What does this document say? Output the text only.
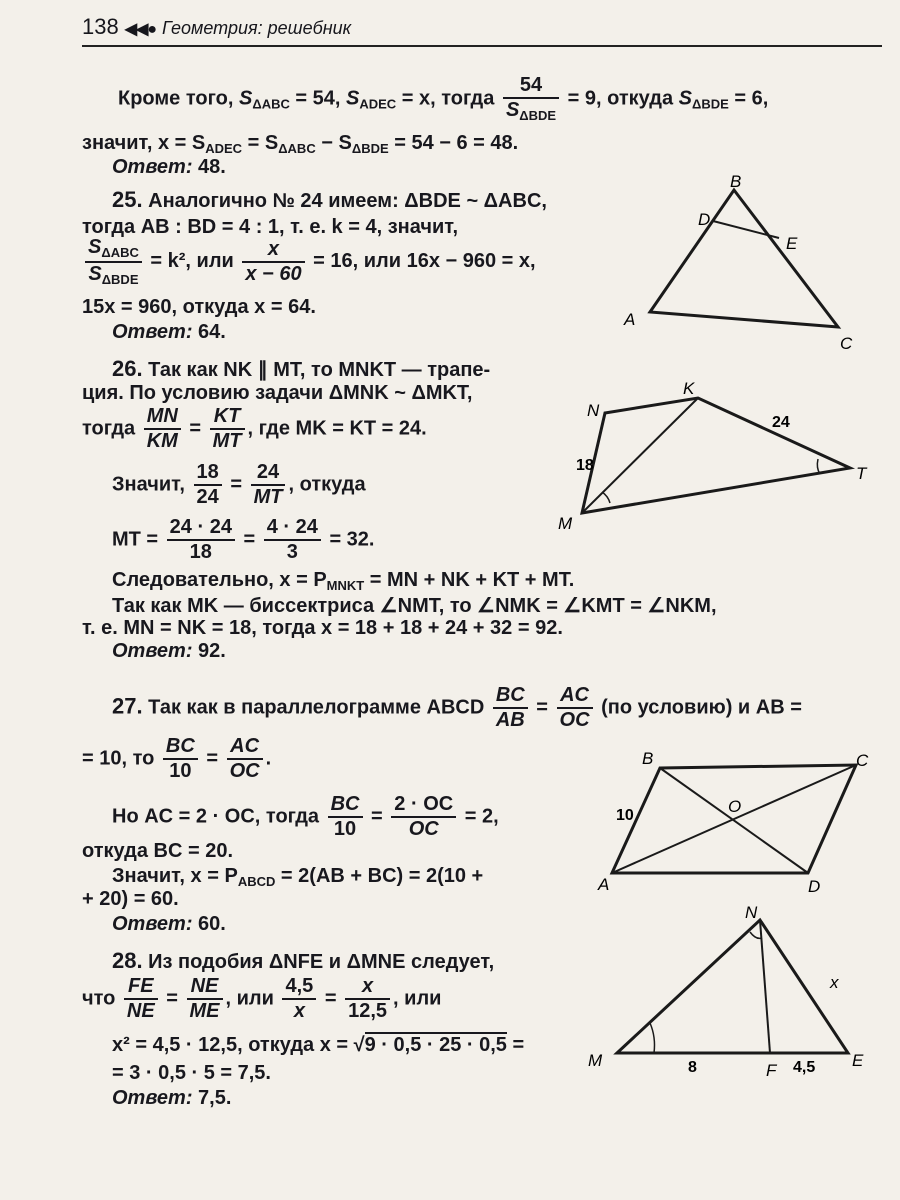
138 ◀◀● Геометрия: решебник
Кроме того, $S_{\Delta ABC} = 54$, $S_{ADEC} = x$, тогда $\frac{54}{S_{\Delta BDE}} = 9$, откуда $S_{\Delta BDE} = 6$,
значит, $x = S_{ADEC} = S_{\Delta ABC} - S_{\Delta BDE} = 54 - 6 = 48$.
Ответ: 48.
25. Аналогично № 24 имеем: ΔBDE ~ ΔABC,
тогда AB : BD = 4 : 1, т. е. k = 4, значит,
$\frac{S_{\Delta ABC}}{S_{\Delta BDE}} = k^2$, или $\frac{x}{x - 60} = 16$, или 16x − 960 = x,
15x = 960, откуда x = 64.
Ответ: 64.
B
D
E
A
C
26. Так как NK ∥ MT, то MNKT — трапе-
ция. По условию задачи ΔMNK ~ ΔMKT,
тогда $\frac{MN}{KM} = \frac{KT}{MT}$ , где MK = KT = 24.
Значит, $\frac{18}{24} = \frac{24}{MT}$ , откуда
MT = $\frac{24 \cdot 24}{18} = \frac{4 \cdot 24}{3} = 32$.
Следовательно, $x = P_{MNKT}$ = MN + NK + KT + MT.
Так как MK — биссектриса ∠NMT, то ∠NMK = ∠KMT = ∠NKM,
т. е. MN = NK = 18, тогда x = 18 + 18 + 24 + 32 = 92.
Ответ: 92.
N
K
M
T
18
24
27. Так как в параллелограмме ABCD $\frac{BC}{AB} = \frac{AC}{OC} (по$ условию) и AB =
= 10, то $\frac{BC}{10} = \frac{AC}{OC}$ .
Но AC = 2 · OC, тогда $\frac{BC}{10} = \frac{2 \cdot OC}{OC} = 2$,
откуда BC = 20.
Значит, $x = P_{ABCD} = 2(AB + BC) = 2(10$ +
+ 20) = 60.
Ответ: 60.
B	C
A	D
O
10
28. Из подобия ΔNFE и ΔMNE следует,
что $\frac{FE}{NE} = \frac{NE}{ME}$ , или $\frac{4,5}{x} = \frac{x}{12,5}$ , или
x² = 4,5 · 12,5, откуда x = √9 · 0,5 · 25 · 0,5 =
= 3 · 0,5 · 5 = 7,5.
Ответ: 7,5.
N
M
F
E
x
8	4,5
